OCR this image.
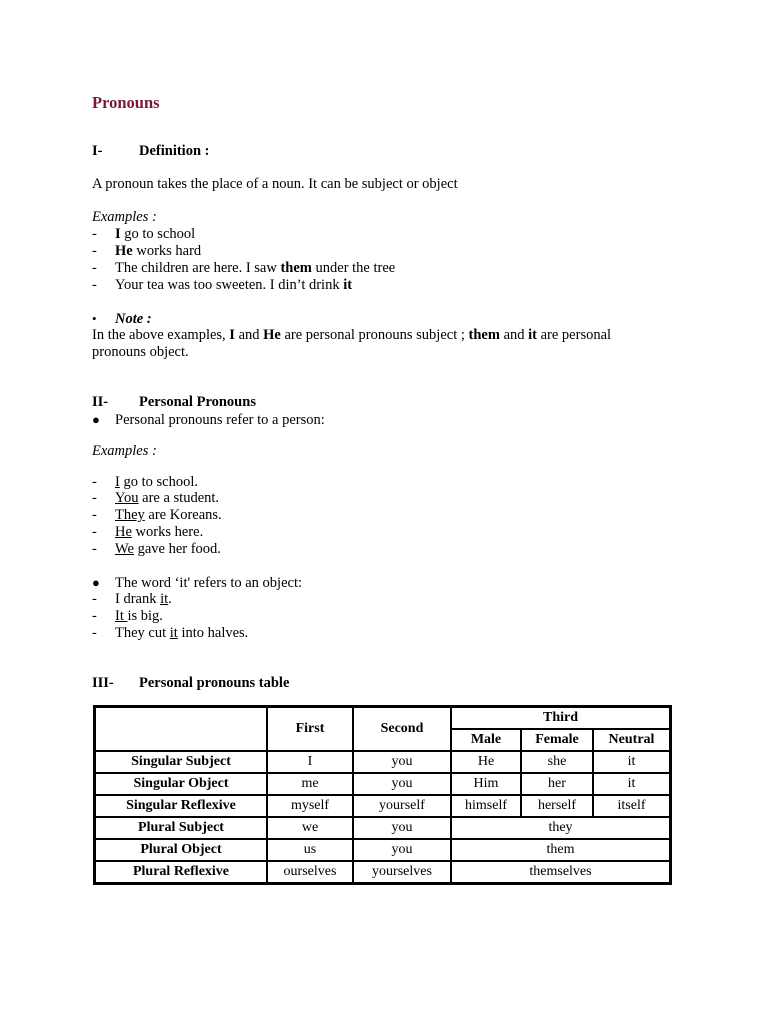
Pronouns
I-	Definition :
A pronoun takes the place of a noun. It can be subject or object
Examples :
- I go to school
- He works hard
- The children are here. I saw them under the tree
- Your tea was too sweeten. I din’t drink it
• Note :
In the above examples, I and He are personal pronouns subject ; them and it are personal pronouns object.
II- Personal Pronouns
● Personal pronouns refer to a person:
Examples :
- I go to school.
- You are a student.
- They are Koreans.
- He works here.
- We gave her food.
● The word ‘it' refers to an object:
- I drank it.
- It is big.
- They cut it into halves.
III- Personal pronouns table
	First	Second	Third		
			Male	Female	Neutral
Singular Subject	I	you	He	she	it
Singular Object	me	you	Him	her	it
Singular Reflexive	myself	yourself	himself	herself	itself
Plural Subject	we	you	they		
Plural Object	us	you	them		
Plural Reflexive	ourselves	yourselves	themselves		
